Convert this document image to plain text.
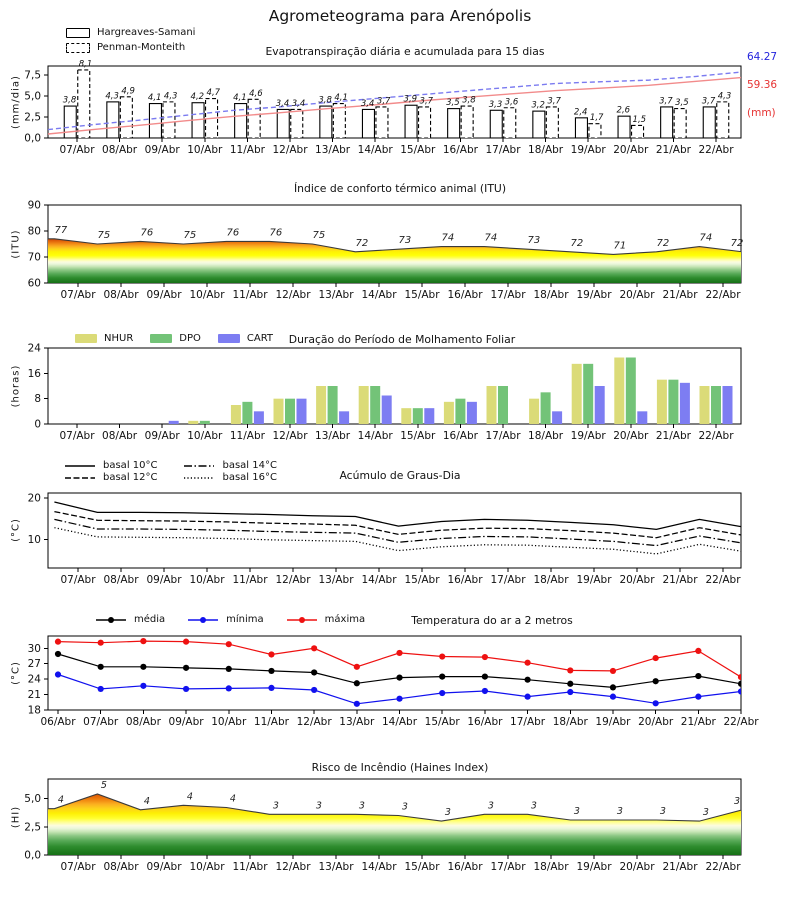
Agrometeograma para Arenópolis
0,0
2,5
5,0
7,5
07/Abr 08/Abr 09/Abr 10/Abr 11/Abr 12/Abr 13/Abr 14/Abr 15/Abr 16/Abr 17/Abr 18/Abr 19/Abr 20/Abr 21/Abr 22/Abr
3,8
8,1
4,3
4,9
4,1 4,3 4,2 4,7
4,1 4,6
3,4 3,4 3,8 4,1
3,4 3,7 3,9 3,7 3,5 3,8 3,3 3,6 3,2 3,7
2,4
1,7
2,6
1,5
3,7 3,5 3,7
4,3
60
70
80
90
07/Abr 08/Abr 09/Abr 10/Abr 11/Abr 12/Abr 13/Abr 14/Abr 15/Abr 16/Abr 17/Abr 18/Abr 19/Abr 20/Abr 21/Abr 22/Abr
77	75	76	75	76	76	75
72	73	74	74	73	72	71	72	74 72
0,0
2,5
5,0
07/Abr 08/Abr 09/Abr 10/Abr 11/Abr 12/Abr 13/Abr 14/Abr 15/Abr 16/Abr 17/Abr 18/Abr 19/Abr 20/Abr 21/Abr 22/Abr
4
5
4	4	4
3	3	3	3
3
3	3
3	3	3	3
3
0
8
16
24
07/Abr 08/Abr 09/Abr 10/Abr 11/Abr 12/Abr 13/Abr 14/Abr 15/Abr 16/Abr 17/Abr 18/Abr 19/Abr 20/Abr 21/Abr 22/Abr
10
20
07/Abr 08/Abr 09/Abr 10/Abr 11/Abr 12/Abr 13/Abr 14/Abr 15/Abr 16/Abr 17/Abr 18/Abr 19/Abr 20/Abr 21/Abr 22/Abr
18
21
24
27
30
06/Abr 07/Abr 08/Abr 09/Abr 10/Abr 11/Abr 12/Abr 13/Abr 14/Abr 15/Abr 16/Abr 17/Abr 18/Abr 19/Abr 20/Abr 21/Abr 22/Abr
Evapotranspiração diária e acumulada para 15 dias
Índice de conforto térmico animal (ITU)
Duração do Período de Molhamento Foliar
Acúmulo de Graus-Dia
Temperatura do ar a 2 metros
Risco de Incêndio (Haines Index)
(mm/dia)
(ITU)
(horas)
(°C)
(°C)
(HI)
64.27
59.36
(mm)
Hargreaves-Samani
Penman-Monteith
NHUR	DPO	CART
basal 10°C	basal 14°C
basal 12°C	basal 16°C
média	mínima	máxima
